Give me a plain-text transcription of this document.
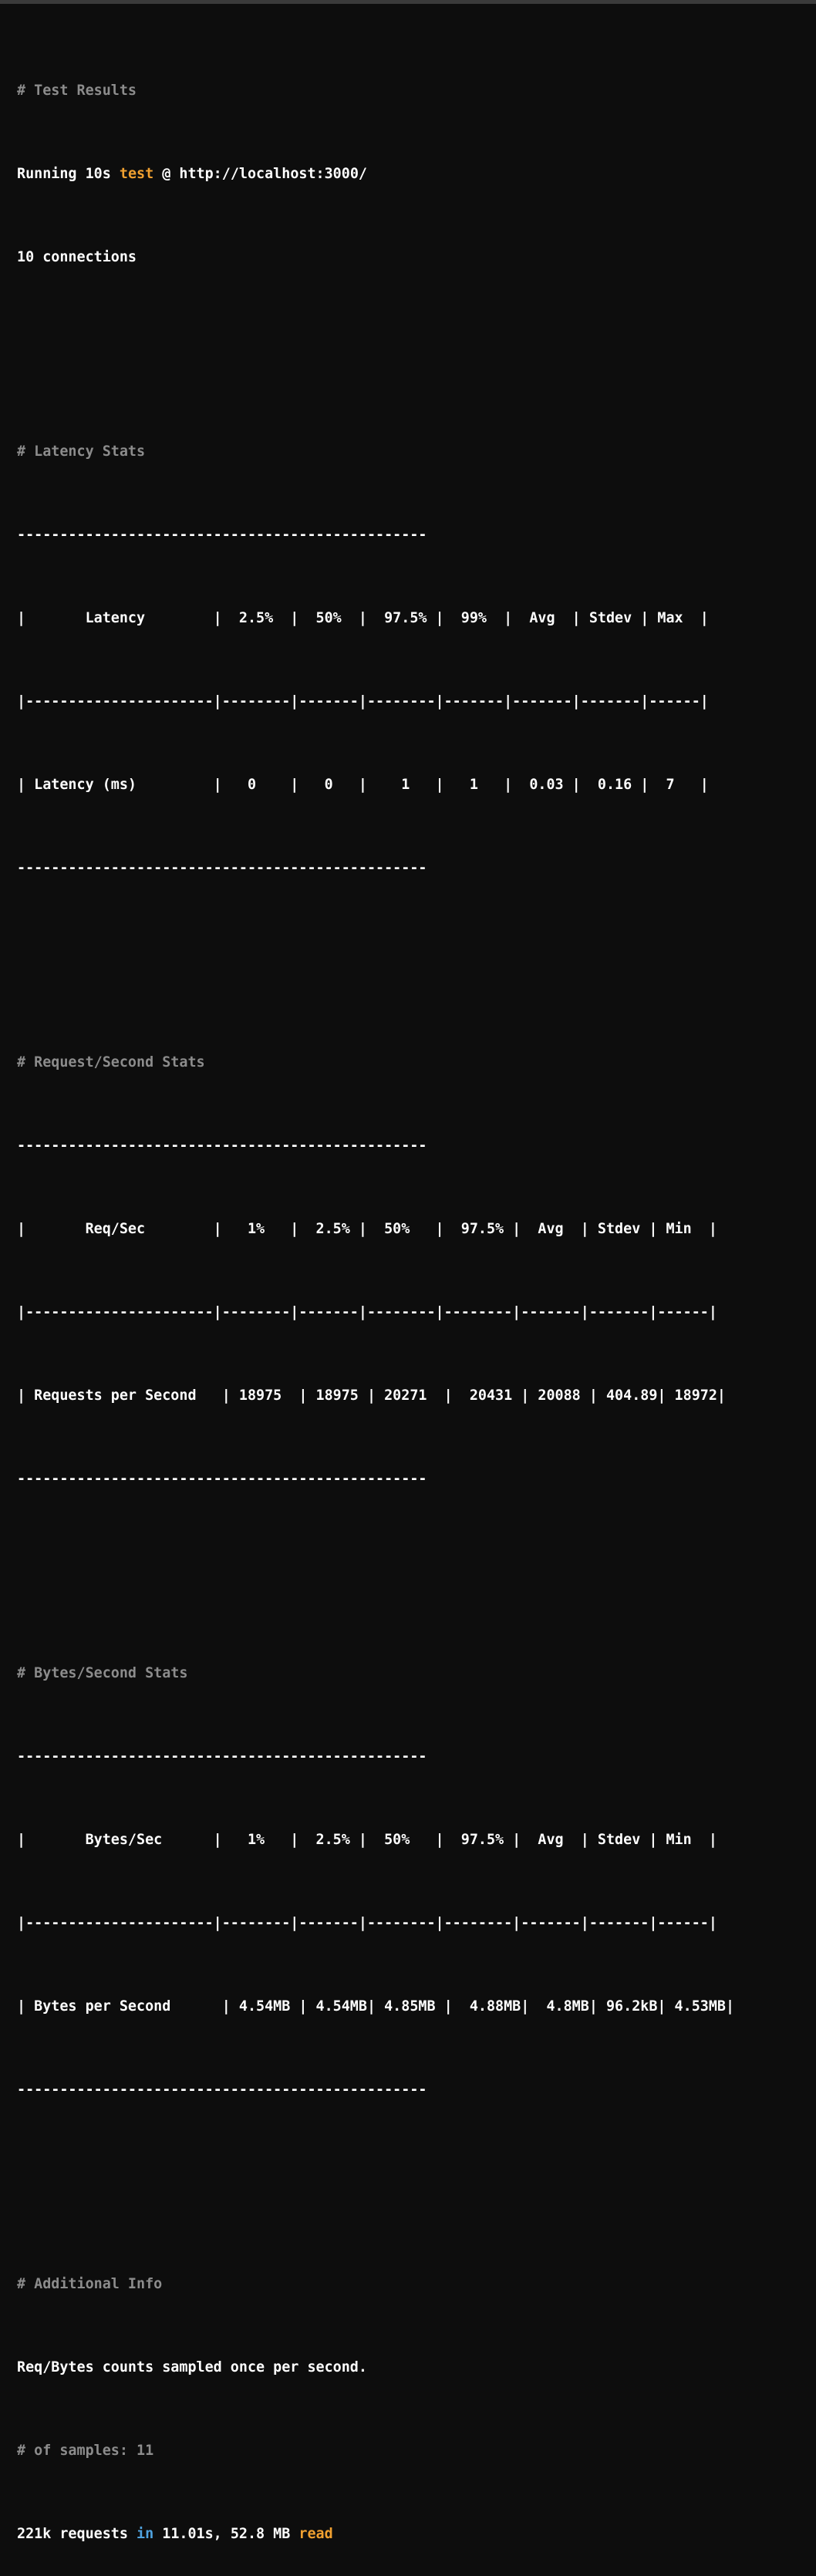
# Test Results

Running 10s test @ http://localhost:3000/

10 connections

# Latency Stats

------------------------------------------------

|       Latency        |  2.5%  |  50%  |  97.5% |  99%  |  Avg  | Stdev | Max  |

|----------------------|--------|-------|--------|-------|-------|-------|------|

| Latency (ms)         |   0    |   0   |    1   |   1   |  0.03 |  0.16 |  7   |

------------------------------------------------

# Request/Second Stats

------------------------------------------------

|       Req/Sec        |   1%   |  2.5% |  50%   |  97.5% |  Avg  | Stdev | Min  |

|----------------------|--------|-------|--------|--------|-------|-------|------|

| Requests per Second   | 18975  | 18975 | 20271  |  20431 | 20088 | 404.89| 18972|

------------------------------------------------

# Bytes/Second Stats

------------------------------------------------

|       Bytes/Sec      |   1%   |  2.5% |  50%   |  97.5% |  Avg  | Stdev | Min  |

|----------------------|--------|-------|--------|--------|-------|-------|------|

| Bytes per Second      | 4.54MB | 4.54MB| 4.85MB |  4.88MB|  4.8MB| 96.2kB| 4.53MB|

------------------------------------------------

# Additional Info

Req/Bytes counts sampled once per second.

# of samples: 11

221k requests in 11.01s, 52.8 MB read
